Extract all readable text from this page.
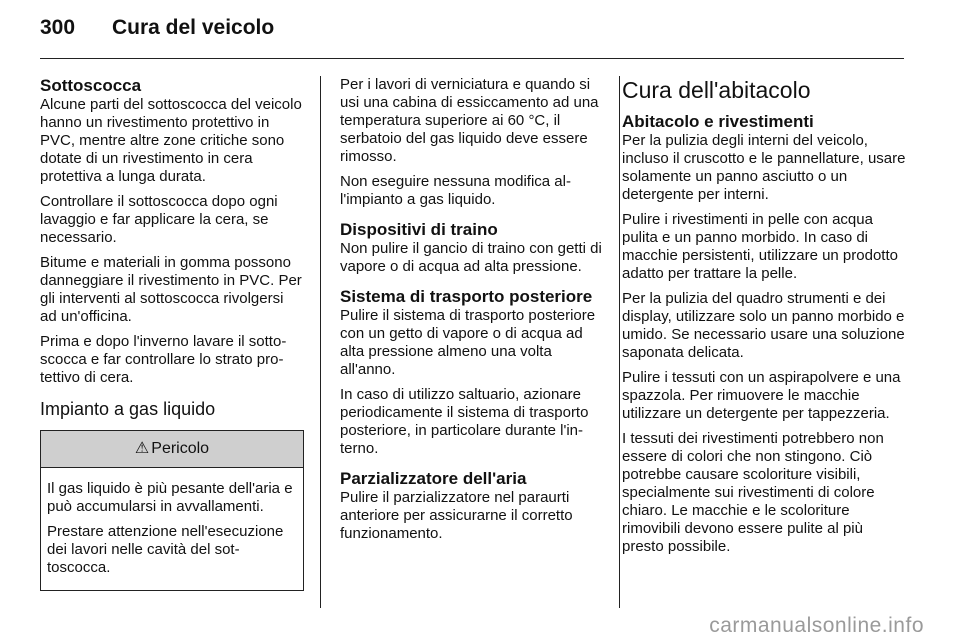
300	Cura del veicolo
Sottoscocca

Alcune parti del sottoscocca del veicolo hanno un rivestimento protettivo in PVC, mentre altre zone critiche sono dotate di un rivestimento in cera protettiva a lunga durata.

Controllare il sottoscocca dopo ogni lavaggio e far applicare la cera, se necessario.

Bitume e materiali in gomma possono danneggiare il rivestimento in PVC. Per gli interventi al sottoscocca rivolgersi ad un'officina.

Prima e dopo l'inverno lavare il sottoscocca e far controllare lo strato protettivo di cera.

Impianto a gas liquido
⚠ Pericolo

Il gas liquido è più pesante dell'aria e può accumularsi in avvallamenti.

Prestare attenzione nell'esecuzione dei lavori nelle cavità del sottoscocca.

Per i lavori di verniciatura e quando si usi una cabina di essiccamento ad una temperatura superiore ai 60 °C, il serbatoio del gas liquido deve essere rimosso.

Non eseguire nessuna modifica all'impianto a gas liquido.

Dispositivi di traino

Non pulire il gancio di traino con getti di vapore o di acqua ad alta pressione.

Sistema di trasporto posteriore

Pulire il sistema di trasporto posteriore con un getto di vapore o di acqua ad alta pressione almeno una volta all'anno.

In caso di utilizzo saltuario, azionare periodicamente il sistema di trasporto posteriore, in particolare durante l'interno.

Parzializzatore dell'aria

Pulire il parzializzatore nel paraurti anteriore per assicurarne il corretto funzionamento.

Cura dell'abitacolo
Abitacolo e rivestimenti

Per la pulizia degli interni del veicolo, incluso il cruscotto e le pannellature, usare solamente un panno asciutto o un detergente per interni.

Pulire i rivestimenti in pelle con acqua pulita e un panno morbido. In caso di macchie persistenti, utilizzare un prodotto adatto per trattare la pelle.

Per la pulizia del quadro strumenti e dei display, utilizzare solo un panno morbido e umido. Se necessario usare una soluzione saponata delicata.

Pulire i tessuti con un aspirapolvere e una spazzola. Per rimuovere le macchie utilizzare un detergente per tappezzeria.

I tessuti dei rivestimenti potrebbero non essere di colori che non stingono. Ciò potrebbe causare scoloriture visibili, specialmente sui rivestimenti di colore chiaro. Le macchie e le scoloriture rimovibili devono essere pulite al più presto possibile.

carmanualsonline.info
